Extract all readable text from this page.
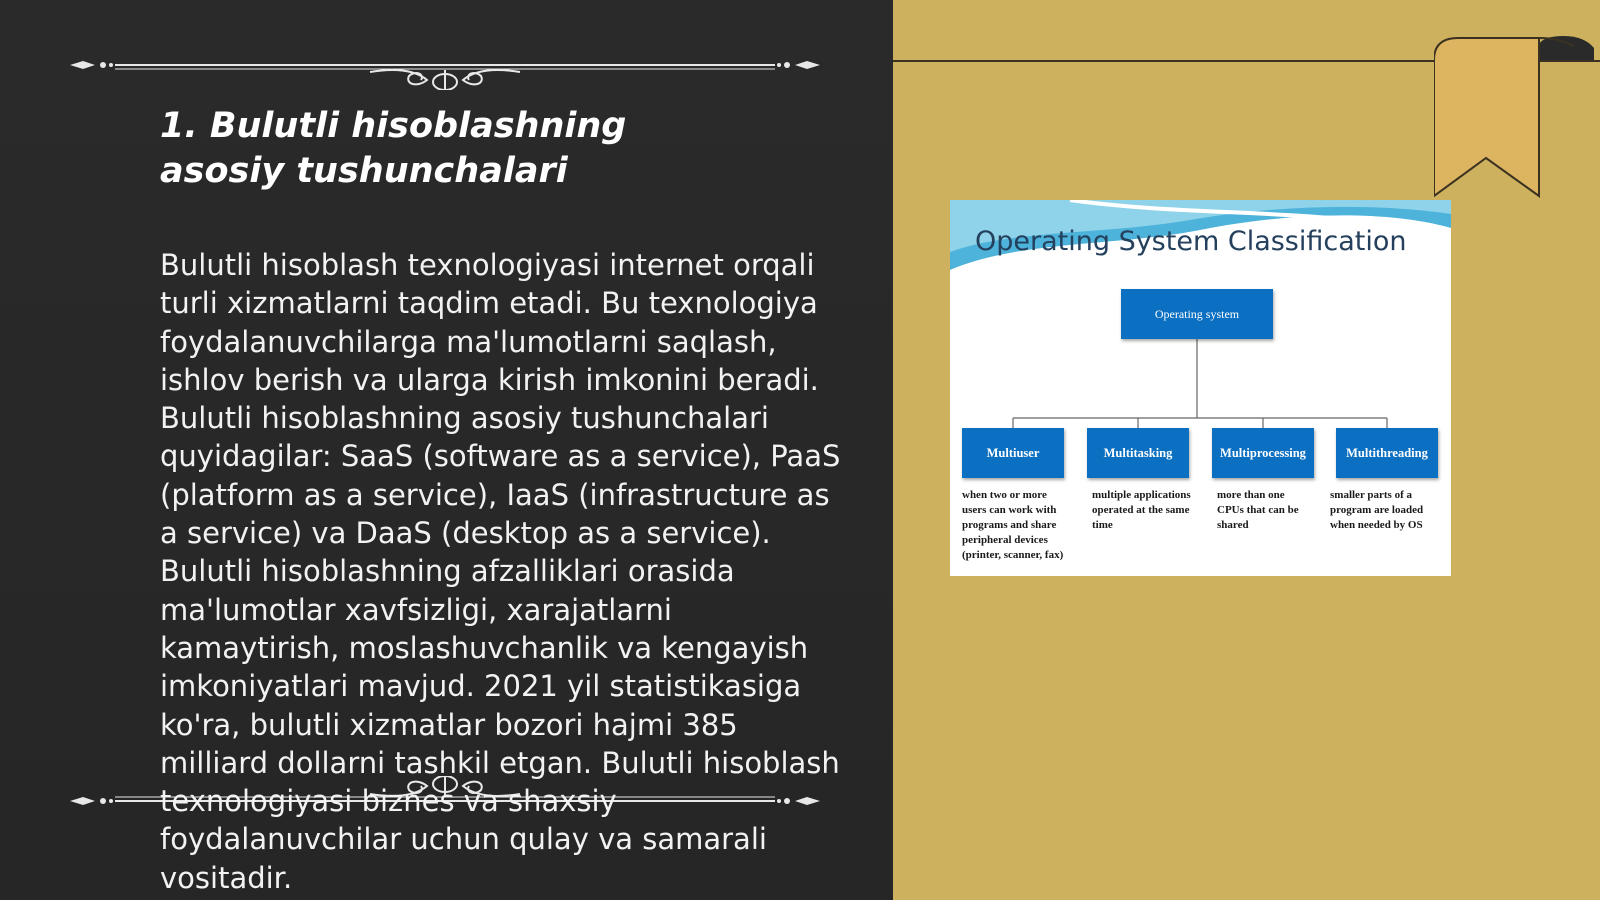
1. Bulutli hisoblashning asosiy tushunchalari

Bulutli hisoblash texnologiyasi internet orqali turli xizmatlarni taqdim etadi. Bu texnologiya foydalanuvchilarga ma'lumotlarni saqlash, ishlov berish va ularga kirish imkonini beradi. Bulutli hisoblashning asosiy tushunchalari quyidagilar: SaaS (software as a service), PaaS (platform as a service), IaaS (infrastructure as a service) va DaaS (desktop as a service). Bulutli hisoblashning afzalliklari orasida ma'lumotlar xavfsizligi, xarajatlarni kamaytirish, moslashuvchanlik va kengayish imkoniyatlari mavjud. 2021 yil statistikasiga ko'ra, bulutli xizmatlar bozori hajmi 385 milliard dollarni tashkil etgan. Bulutli hisoblash texnologiyasi biznes va shaxsiy foydalanuvchilar uchun qulay va samarali vositadir.

Operating System Classification
Operating system
Multiuser	Multitasking	Multiprocessing	Multithreading

when two or more users can work with programs and share peripheral devices (printer, scanner, fax)

multiple applications operated at the same time

more than one CPUs that can be shared

smaller parts of a program are loaded when needed by OS
